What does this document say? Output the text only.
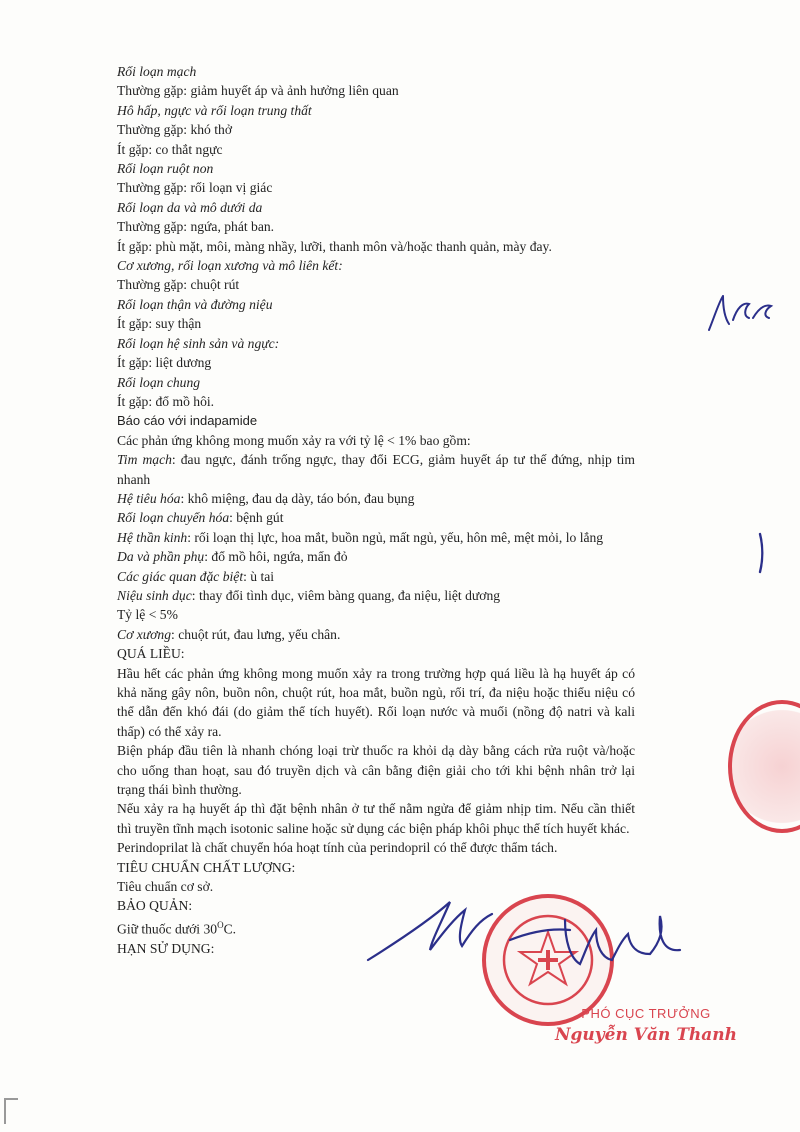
Rối loạn mạch
Thường gặp: giảm huyết áp và ảnh hưởng liên quan
Hô hấp, ngực và rối loạn trung thất
Thường gặp: khó thở
Ít gặp: co thắt ngực
Rối loạn ruột non
Thường gặp: rối loạn vị giác
Rối loạn da và mô dưới da
Thường gặp: ngứa, phát ban.
Ít gặp: phù mặt, môi, màng nhầy, lưỡi, thanh môn và/hoặc thanh quản, mày đay.
Cơ xương, rối loạn xương và mô liên kết:
Thường gặp: chuột rút
Rối loạn thận và đường niệu
Ít gặp: suy thận
Rối loạn hệ sinh sản và ngực:
Ít gặp: liệt dương
Rối loạn chung
Ít gặp: đổ mồ hôi.
Báo cáo với indapamide
Các phản ứng không mong muốn xảy ra với tỷ lệ < 1% bao gồm:
Tim mạch: đau ngực, đánh trống ngực, thay đổi ECG, giảm huyết áp tư thế đứng, nhịp tim nhanh
Hệ tiêu hóa: khô miệng, đau dạ dày, táo bón, đau bụng
Rối loạn chuyển hóa: bệnh gút
Hệ thần kinh: rối loạn thị lực, hoa mắt, buồn ngủ, mất ngủ, yếu, hôn mê, mệt mỏi, lo lắng
Da và phần phụ: đổ mồ hôi, ngứa, mẩn đỏ
Các giác quan đặc biệt: ù tai
Niệu sinh dục: thay đổi tình dục, viêm bàng quang, đa niệu, liệt dương
Tỷ lệ < 5%
Cơ xương: chuột rút, đau lưng, yếu chân.
QUÁ LIỀU:
Hầu hết các phản ứng không mong muốn xảy ra trong trường hợp quá liều là hạ huyết áp có khả năng gây nôn, buồn nôn, chuột rút, hoa mắt, buồn ngủ, rối trí, đa niệu hoặc thiểu niệu có thể dẫn đến khó đái (do giảm thể tích huyết). Rối loạn nước và muối (nồng độ natri và kali thấp) có thể xảy ra.
Biện pháp đầu tiên là nhanh chóng loại trừ thuốc ra khỏi dạ dày bằng cách rửa ruột và/hoặc cho uống than hoạt, sau đó truyền dịch và cân bằng điện giải cho tới khi bệnh nhân trở lại trạng thái bình thường.
Nếu xảy ra hạ huyết áp thì đặt bệnh nhân ở tư thế nằm ngửa để giảm nhịp tim. Nếu cần thiết thì truyền tĩnh mạch isotonic saline hoặc sử dụng các biện pháp khôi phục thể tích huyết khác.
Perindoprilat là chất chuyển hóa hoạt tính của perindopril có thể được thẩm tách.
TIÊU CHUẨN CHẤT LƯỢNG:
Tiêu chuẩn cơ sở.
BẢO QUẢN:
Giữ thuốc dưới $30^OC$.
HẠN SỬ DỤNG:
PHÓ CỤC TRƯỞNG
Nguyễn Văn Thanh
